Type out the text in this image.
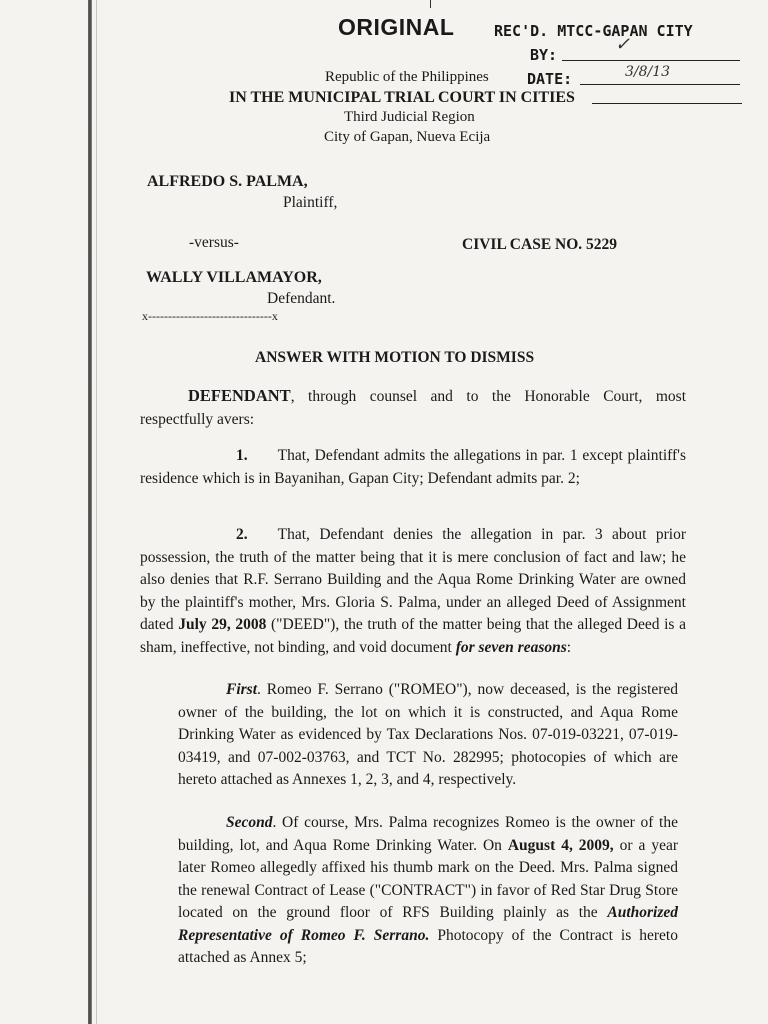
ORIGINAL	REC'D. MTCC-GAPAN CITY
BY:	✓
DATE:	3/8/13
Republic of the Philippines
IN THE MUNICIPAL TRIAL COURT IN CITIES
Third Judicial Region
City of Gapan, Nueva Ecija
ALFREDO S. PALMA,
Plaintiff,
-versus-	CIVIL CASE NO. 5229
WALLY VILLAMAYOR,
Defendant.
x-------------------------------x
ANSWER WITH MOTION TO DISMISS
DEFENDANT, through counsel and to the Honorable Court, most respectfully avers:
1. That, Defendant admits the allegations in par. 1 except plaintiff's residence which is in Bayanihan, Gapan City; Defendant admits par. 2;
2. That, Defendant denies the allegation in par. 3 about prior possession, the truth of the matter being that it is mere conclusion of fact and law; he also denies that R.F. Serrano Building and the Aqua Rome Drinking Water are owned by the plaintiff's mother, Mrs. Gloria S. Palma, under an alleged Deed of Assignment dated July 29, 2008 ("DEED"), the truth of the matter being that the alleged Deed is a sham, ineffective, not binding, and void document for seven reasons:
First. Romeo F. Serrano ("ROMEO"), now deceased, is the registered owner of the building, the lot on which it is constructed, and Aqua Rome Drinking Water as evidenced by Tax Declarations Nos. 07-019-03221, 07-019-03419, and 07-002-03763, and TCT No. 282995; photocopies of which are hereto attached as Annexes 1, 2, 3, and 4, respectively.
Second. Of course, Mrs. Palma recognizes Romeo is the owner of the building, lot, and Aqua Rome Drinking Water. On August 4, 2009, or a year later Romeo allegedly affixed his thumb mark on the Deed. Mrs. Palma signed the renewal Contract of Lease ("CONTRACT") in favor of Red Star Drug Store located on the ground floor of RFS Building plainly as the Authorized Representative of Romeo F. Serrano. Photocopy of the Contract is hereto attached as Annex 5;
